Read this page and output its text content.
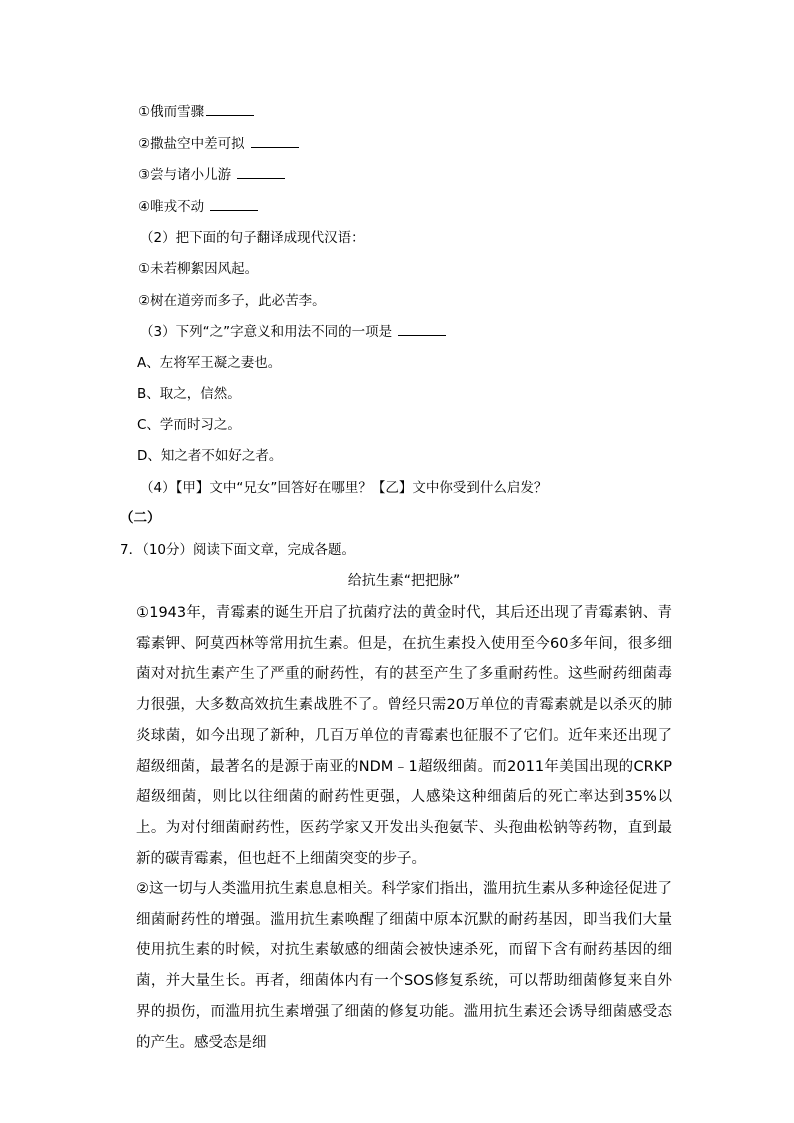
①俄而雪骤
②撒盐空中差可拟
③尝与诸小儿游
④唯戎不动
（2）把下面的句子翻译成现代汉语：
①未若柳絮因风起。
②树在道旁而多子，此必苦李。
（3）下列“之”字意义和用法不同的一项是
A、左将军王凝之妻也。
B、取之，信然。
C、学而时习之。
D、知之者不如好之者。
（4）【甲】文中“兄女”回答好在哪里？【乙】文中你受到什么启发？
（二）
7．（10分）阅读下面文章，完成各题。
给抗生素“把把脉”
①1943年，青霉素的诞生开启了抗菌疗法的黄金时代，其后还出现了青霉素钠、青霉素钾、阿莫西林等常用抗生素。但是，在抗生素投入使用至今60多年间，很多细菌对对抗生素产生了严重的耐药性，有的甚至产生了多重耐药性。这些耐药细菌毒力很强，大多数高效抗生素战胜不了。曾经只需20万单位的青霉素就是以杀灭的肺炎球菌，如今出现了新种，几百万单位的青霉素也征服不了它们。近年来还出现了超级细菌，最著名的是源于南亚的NDM﹣1超级细菌。而2011年美国出现的CRKP超级细菌，则比以往细菌的耐药性更强，人感染这种细菌后的死亡率达到35%以上。为对付细菌耐药性，医药学家又开发出头孢氨苄、头孢曲松钠等药物，直到最新的碳青霉素，但也赶不上细菌突变的步子。
②这一切与人类滥用抗生素息息相关。科学家们指出，滥用抗生素从多种途径促进了细菌耐药性的增强。滥用抗生素唤醒了细菌中原本沉默的耐药基因，即当我们大量使用抗生素的时候，对抗生素敏感的细菌会被快速杀死，而留下含有耐药基因的细菌，并大量生长。再者，细菌体内有一个SOS修复系统，可以帮助细菌修复来自外界的损伤，而滥用抗生素增强了细菌的修复功能。滥用抗生素还会诱导细菌感受态的产生。感受态是细
